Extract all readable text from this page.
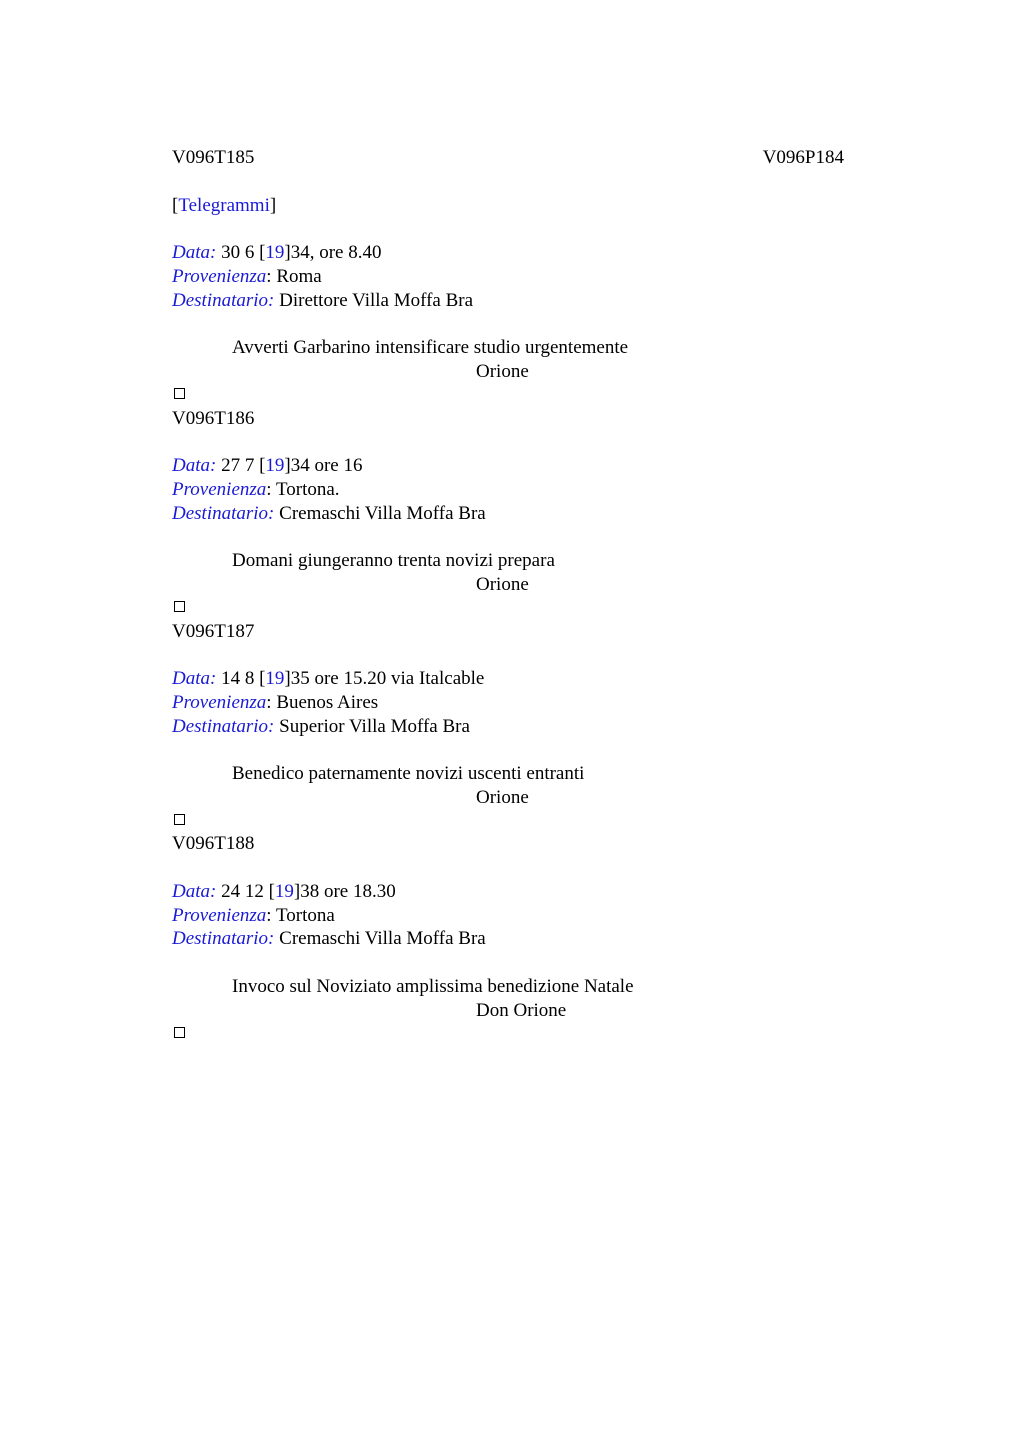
V096T185	V096P184
[Telegrammi]
Data: 30 6 [19]34, ore 8.40
Provenienza: Roma
Destinatario: Direttore Villa Moffa Bra
Avverti Garbarino intensificare studio urgentemente
Orione
V096T186
Data: 27 7 [19]34 ore 16
Provenienza: Tortona.
Destinatario: Cremaschi Villa Moffa Bra
Domani giungeranno trenta novizi prepara
Orione
V096T187
Data: 14 8 [19]35 ore 15.20 via Italcable
Provenienza: Buenos Aires
Destinatario: Superior Villa Moffa Bra
Benedico paternamente novizi uscenti entranti
Orione
V096T188
Data: 24 12 [19]38 ore 18.30
Provenienza: Tortona
Destinatario: Cremaschi Villa Moffa Bra
Invoco sul Noviziato amplissima benedizione Natale
Don Orione
